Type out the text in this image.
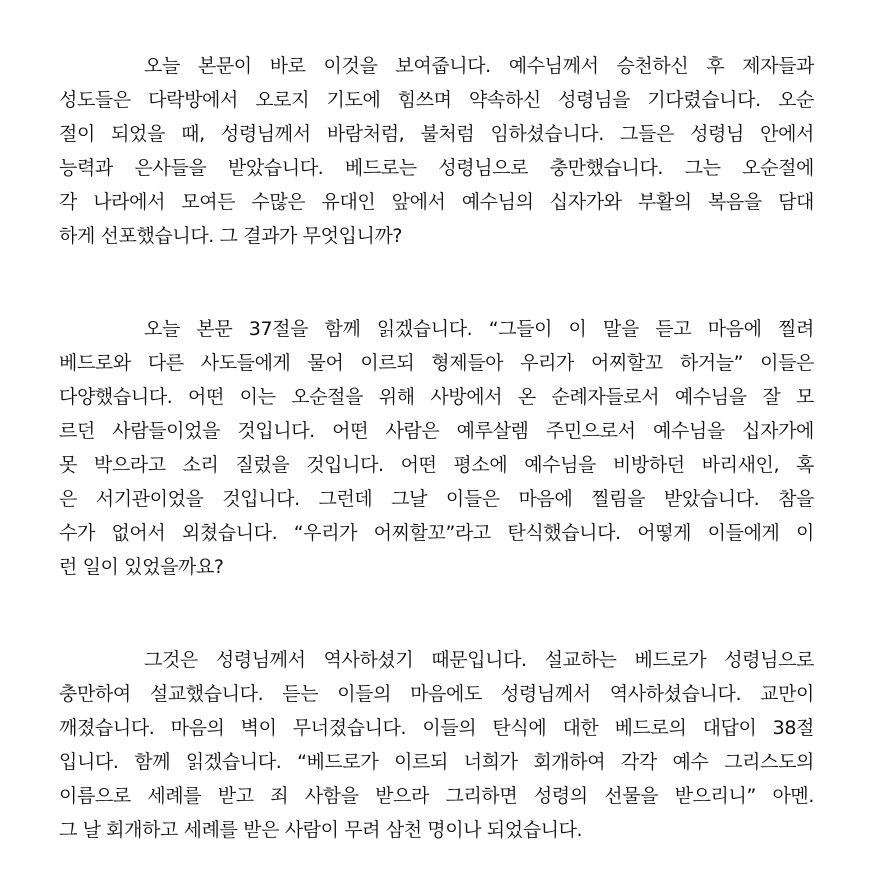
오늘 본문이 바로 이것을 보여줍니다. 예수님께서 승천하신 후 제자들과
성도들은 다락방에서 오로지 기도에 힘쓰며 약속하신 성령님을 기다렸습니다. 오순
절이 되었을 때, 성령님께서 바람처럼, 불처럼 임하셨습니다. 그들은 성령님 안에서
능력과 은사들을 받았습니다. 베드로는 성령님으로 충만했습니다. 그는 오순절에
각 나라에서 모여든 수많은 유대인 앞에서 예수님의 십자가와 부활의 복음을 담대
하게 선포했습니다. 그 결과가 무엇입니까?
오늘 본문 37절을 함께 읽겠습니다. “그들이 이 말을 듣고 마음에 찔려
베드로와 다른 사도들에게 물어 이르되 형제들아 우리가 어찌할꼬 하거늘” 이들은
다양했습니다. 어떤 이는 오순절을 위해 사방에서 온 순례자들로서 예수님을 잘 모
르던 사람들이었을 것입니다. 어떤 사람은 예루살렘 주민으로서 예수님을 십자가에
못 박으라고 소리 질렀을 것입니다. 어떤 평소에 예수님을 비방하던 바리새인, 혹
은 서기관이었을 것입니다. 그런데 그날 이들은 마음에 찔림을 받았습니다. 참을
수가 없어서 외쳤습니다. “우리가 어찌할꼬”라고 탄식했습니다. 어떻게 이들에게 이
런 일이 있었을까요?
그것은 성령님께서 역사하셨기 때문입니다. 설교하는 베드로가 성령님으로
충만하여 설교했습니다. 듣는 이들의 마음에도 성령님께서 역사하셨습니다. 교만이
깨졌습니다. 마음의 벽이 무너졌습니다. 이들의 탄식에 대한 베드로의 대답이 38절
입니다. 함께 읽겠습니다. “베드로가 이르되 너희가 회개하여 각각 예수 그리스도의
이름으로 세례를 받고 죄 사함을 받으라 그리하면 성령의 선물을 받으리니” 아멘.
그 날 회개하고 세례를 받은 사람이 무려 삼천 명이나 되었습니다.
